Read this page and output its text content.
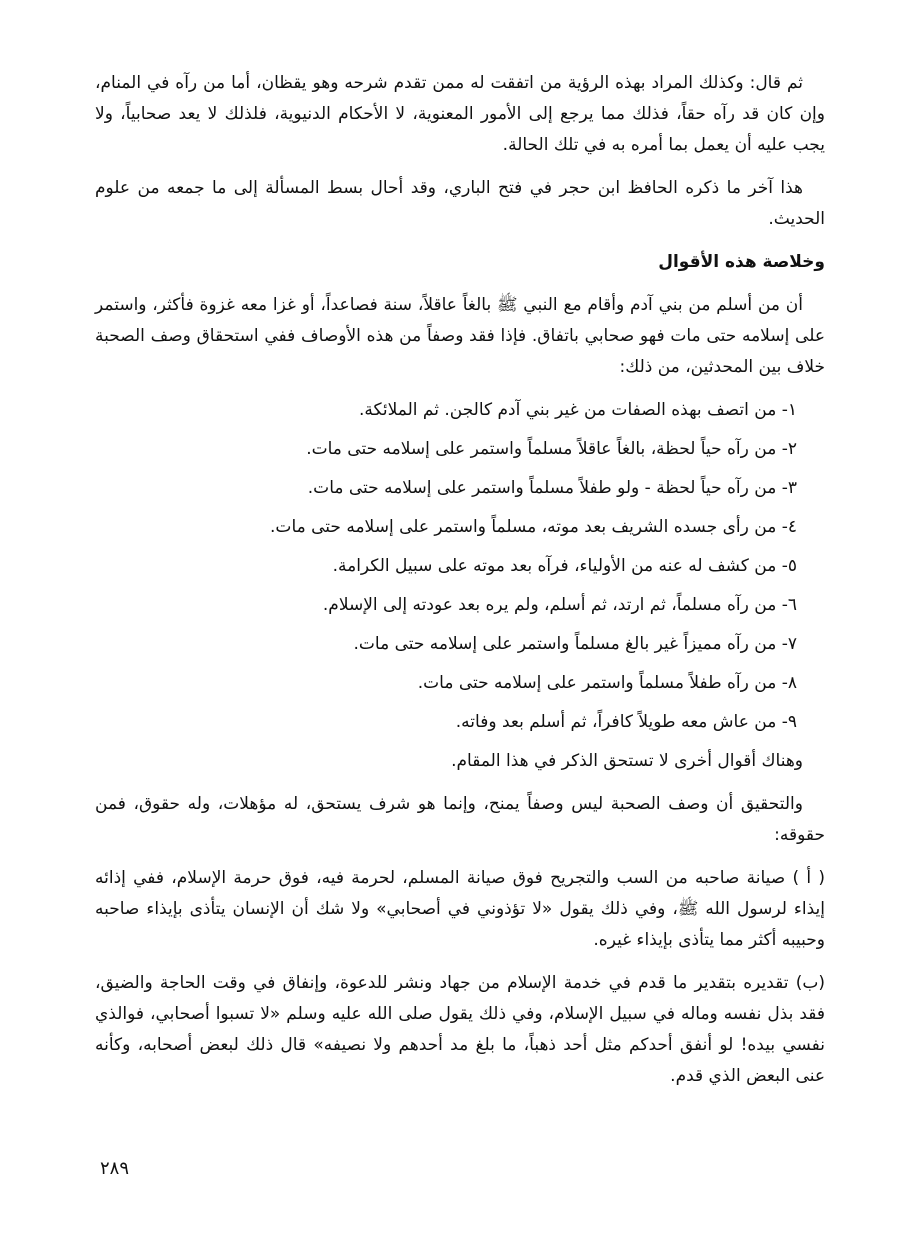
ثم قال: وكذلك المراد بهذه الرؤية من اتفقت له ممن تقدم شرحه وهو يقظان، أما من رآه في المنام، وإن كان قد رآه حقاً، فذلك مما يرجع إلى الأمور المعنوية، لا الأحكام الدنيوية، فلذلك لا يعد صحابياً، ولا يجب عليه أن يعمل بما أمره به في تلك الحالة.

هذا آخر ما ذكره الحافظ ابن حجر في فتح الباري، وقد أحال بسط المسألة إلى ما جمعه من علوم الحديث.

وخلاصة هذه الأقوال

أن من أسلم من بني آدم وأقام مع النبي ﷺ بالغاً عاقلاً، سنة فصاعداً، أو غزا معه غزوة فأكثر، واستمر على إسلامه حتى مات فهو صحابي باتفاق. فإذا فقد وصفاً من هذه الأوصاف ففي استحقاق وصف الصحبة خلاف بين المحدثين، من ذلك:

١- من اتصف بهذه الصفات من غير بني آدم كالجن. ثم الملائكة.

٢- من رآه حياً لحظة، بالغاً عاقلاً مسلماً واستمر على إسلامه حتى مات.

٣- من رآه حياً لحظة - ولو طفلاً مسلماً واستمر على إسلامه حتى مات.

٤- من رأى جسده الشريف بعد موته، مسلماً واستمر على إسلامه حتى مات.

٥- من كشف له عنه من الأولياء، فرآه بعد موته على سبيل الكرامة.

٦- من رآه مسلماً، ثم ارتد، ثم أسلم، ولم يره بعد عودته إلى الإسلام.

٧- من رآه مميزاً غير بالغ مسلماً واستمر على إسلامه حتى مات.

٨- من رآه طفلاً مسلماً واستمر على إسلامه حتى مات.

٩- من عاش معه طويلاً كافراً، ثم أسلم بعد وفاته.

وهناك أقوال أخرى لا تستحق الذكر في هذا المقام.

والتحقيق أن وصف الصحبة ليس وصفاً يمنح، وإنما هو شرف يستحق، له مؤهلات، وله حقوق، فمن حقوقه:

( أ ) صيانة صاحبه من السب والتجريح فوق صيانة المسلم، لحرمة فيه، فوق حرمة الإسلام، ففي إذائه إيذاء لرسول الله ﷺ، وفي ذلك يقول «لا تؤذوني في أصحابي» ولا شك أن الإنسان يتأذى بإيذاء صاحبه وحبيبه أكثر مما يتأذى بإيذاء غيره.

(ب) تقديره بتقدير ما قدم في خدمة الإسلام من جهاد ونشر للدعوة، وإنفاق في وقت الحاجة والضيق، فقد بذل نفسه وماله في سبيل الإسلام، وفي ذلك يقول صلى الله عليه وسلم «لا تسبوا أصحابي، فوالذي نفسي بيده! لو أنفق أحدكم مثل أحد ذهباً، ما بلغ مد أحدهم ولا نصيفه» قال ذلك لبعض أصحابه، وكأنه عنى البعض الذي قدم.

٢٨٩
